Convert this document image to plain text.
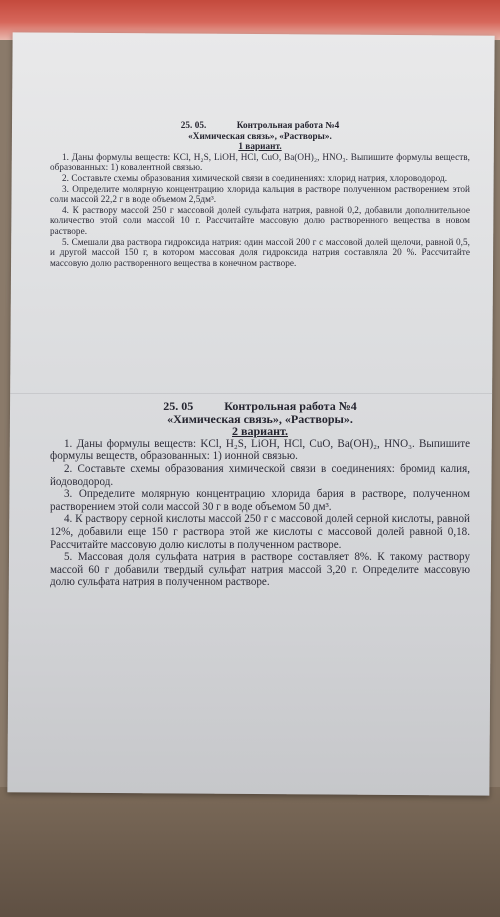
25. 05.	Контрольная работа №4
«Химическая связь», «Растворы».
1 вариант.

1. Даны формулы веществ: KCl, H₂S, LiOH, HCl, CuO, Ba(OH)₂, HNO₃. Выпишите формулы веществ, образованных: 1) ковалентной связью.

2. Составьте схемы образования химической связи в соединениях: хлорид натрия, хлороводород.

3. Определите молярную концентрацию хлорида кальция в растворе полученном растворением этой соли массой 22,2 г в воде объемом 2,5дм³.

4. К раствору массой 250 г массовой долей сульфата натрия, равной 0,2, добавили дополнительное количество этой соли массой 10 г. Рассчитайте массовую долю растворенного вещества в новом растворе.

5. Смешали два раствора гидроксида натрия: один массой 200 г с массовой долей щелочи, равной 0,5, и другой массой 150 г, в котором массовая доля гидроксида натрия составляла 20 %. Рассчитайте массовую долю растворенного вещества в конечном растворе.

25. 05	Контрольная работа №4
«Химическая связь», «Растворы».
2 вариант.

1. Даны формулы веществ: KCl, H₂S, LiOH, HCl, CuO, Ba(OH)₂, HNO₃. Выпишите формулы веществ, образованных: 1) ионной связью.

2. Составьте схемы образования химической связи в соединениях: бромид калия, йодоводород.

3. Определите молярную концентрацию хлорида бария в растворе, полученном растворением этой соли массой 30 г в воде объемом 50 дм³.

4. К раствору серной кислоты массой 250 г с массовой долей серной кислоты, равной 12%, добавили еще 150 г раствора этой же кислоты с массовой долей равной 0,18. Рассчитайте массовую долю кислоты в полученном растворе.

5. Массовая доля сульфата натрия в растворе составляет 8%. К такому раствору массой 60 г добавили твердый сульфат натрия массой 3,20 г. Определите массовую долю сульфата натрия в полученном растворе.
